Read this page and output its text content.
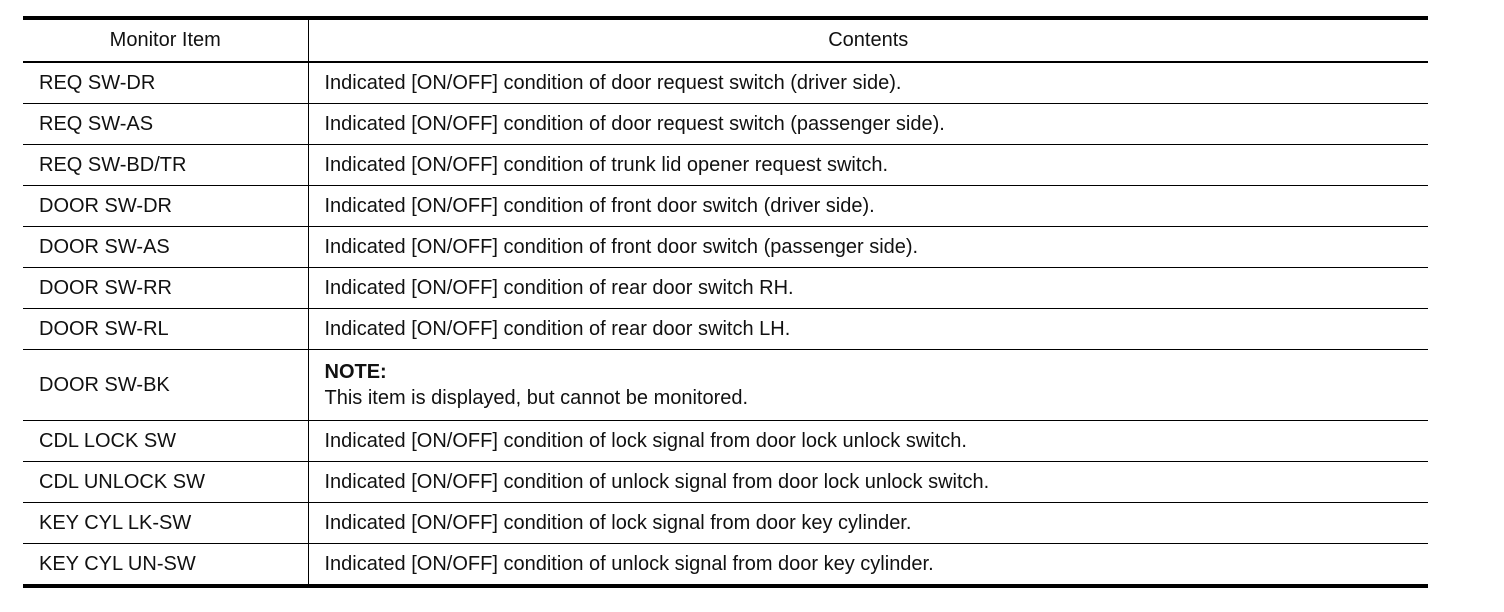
Monitor Item	Contents
REQ SW-DR	Indicated [ON/OFF] condition of door request switch (driver side).
REQ SW-AS	Indicated [ON/OFF] condition of door request switch (passenger side).
REQ SW-BD/TR	Indicated [ON/OFF] condition of trunk lid opener request switch.
DOOR SW-DR	Indicated [ON/OFF] condition of front door switch (driver side).
DOOR SW-AS	Indicated [ON/OFF] condition of front door switch (passenger side).
DOOR SW-RR	Indicated [ON/OFF] condition of rear door switch RH.
DOOR SW-RL	Indicated [ON/OFF] condition of rear door switch LH.
DOOR SW-BK	NOTE:
This item is displayed, but cannot be monitored.

CDL LOCK SW	Indicated [ON/OFF] condition of lock signal from door lock unlock switch.
CDL UNLOCK SW	Indicated [ON/OFF] condition of unlock signal from door lock unlock switch.
KEY CYL LK-SW	Indicated [ON/OFF] condition of lock signal from door key cylinder.
KEY CYL UN-SW	Indicated [ON/OFF] condition of unlock signal from door key cylinder.
